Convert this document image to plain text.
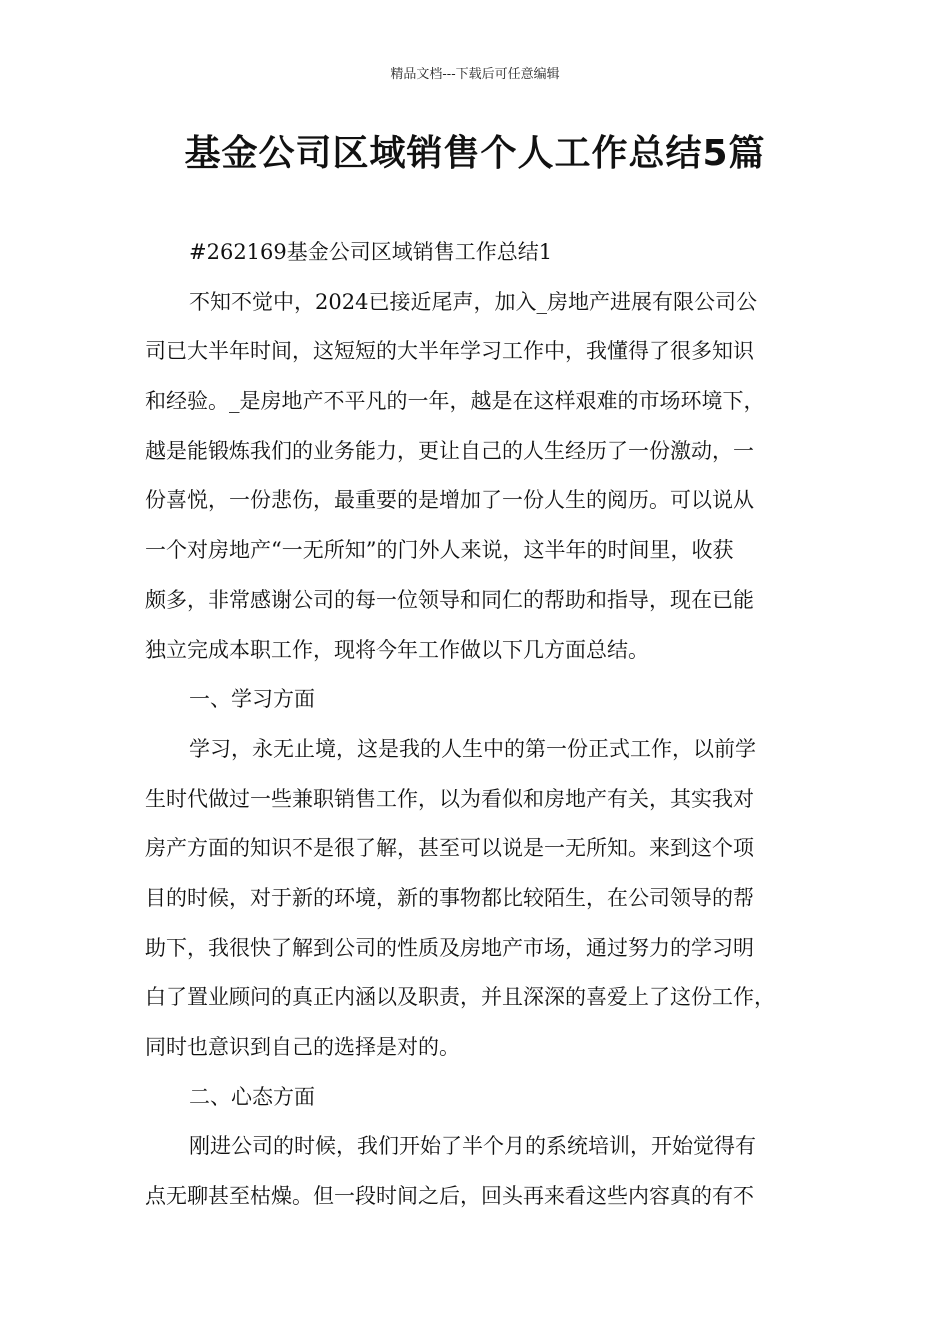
精品文档---下载后可任意编辑
基金公司区域销售个人工作总结5篇
#262169基金公司区域销售工作总结1
不知不觉中，2024已接近尾声，加入_房地产进展有限公司公
司已大半年时间，这短短的大半年学习工作中，我懂得了很多知识
和经验。_是房地产不平凡的一年，越是在这样艰难的市场环境下，
越是能锻炼我们的业务能力，更让自己的人生经历了一份激动，一
份喜悦，一份悲伤，最重要的是增加了一份人生的阅历。可以说从
一个对房地产“一无所知”的门外人来说，这半年的时间里，收获
颇多，非常感谢公司的每一位领导和同仁的帮助和指导，现在已能
独立完成本职工作，现将今年工作做以下几方面总结。
一、学习方面
学习，永无止境，这是我的人生中的第一份正式工作，以前学
生时代做过一些兼职销售工作，以为看似和房地产有关，其实我对
房产方面的知识不是很了解，甚至可以说是一无所知。来到这个项
目的时候，对于新的环境，新的事物都比较陌生，在公司领导的帮
助下，我很快了解到公司的性质及房地产市场，通过努力的学习明
白了置业顾问的真正内涵以及职责，并且深深的喜爱上了这份工作，
同时也意识到自己的选择是对的。
二、心态方面
刚进公司的时候，我们开始了半个月的系统培训，开始觉得有
点无聊甚至枯燥。但一段时间之后，回头再来看这些内容真的有不
